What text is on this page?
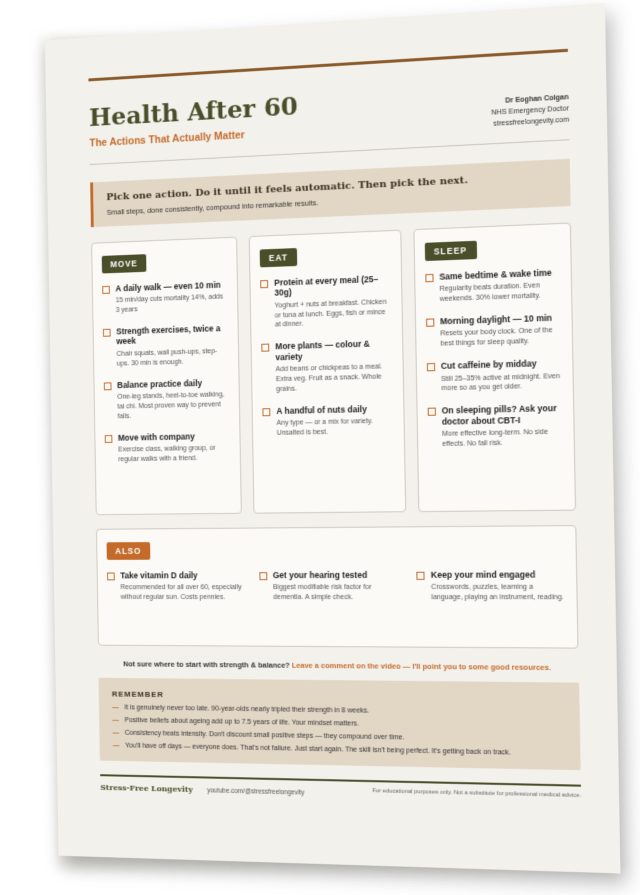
Health After 60
The Actions That Actually Matter
Dr Eoghan Colgan
NHS Emergency Doctor
stressfreelongevity.com
Pick one action. Do it until it feels automatic. Then pick the next.

Small steps, done consistently, compound into remarkable results.

MOVE
A daily walk — even 10 min
15 min/day cuts mortality 14%, adds 3 years
Strength exercises, twice a week
Chair squats, wall push-ups, step-ups. 30 min is enough.
Balance practice daily
One-leg stands, heel-to-toe walking, tai chi. Most proven way to prevent falls.
Move with company
Exercise class, walking group, or regular walks with a friend.
EAT
Protein at every meal (25–30g)
Yoghurt + nuts at breakfast. Chicken or tuna at lunch. Eggs, fish or mince at dinner.
More plants — colour & variety
Add beans or chickpeas to a meal. Extra veg. Fruit as a snack. Whole grains.
A handful of nuts daily
Any type — or a mix for variety. Unsalted is best.
SLEEP
Same bedtime & wake time
Regularity beats duration. Even weekends. 30% lower mortality.
Morning daylight — 10 min
Resets your body clock. One of the best things for sleep quality.
Cut caffeine by midday
Still 25–35% active at midnight. Even more so as you get older.
On sleeping pills? Ask your doctor about CBT-I
More effective long-term. No side effects. No fall risk.
ALSO
Take vitamin D daily
Recommended for all over 60, especially without regular sun. Costs pennies.
Get your hearing tested
Biggest modifiable risk factor for dementia. A simple check.
Keep your mind engaged
Crosswords, puzzles, learning a language, playing an instrument, reading.
Not sure where to start with strength & balance? Leave a comment on the video — I'll point you to some good resources.
REMEMBER
— It is genuinely never too late. 90-year-olds nearly tripled their strength in 8 weeks.
— Positive beliefs about ageing add up to 7.5 years of life. Your mindset matters.
— Consistency beats intensity. Don't discount small positive steps — they compound over time.
— You'll have off days — everyone does. That's not failure. Just start again. The skill isn't being perfect. It's getting back on track.
Stress-Free Longevity youtube.com/@stressfreelongevity	For educational purposes only. Not a substitute for professional medical advice.
